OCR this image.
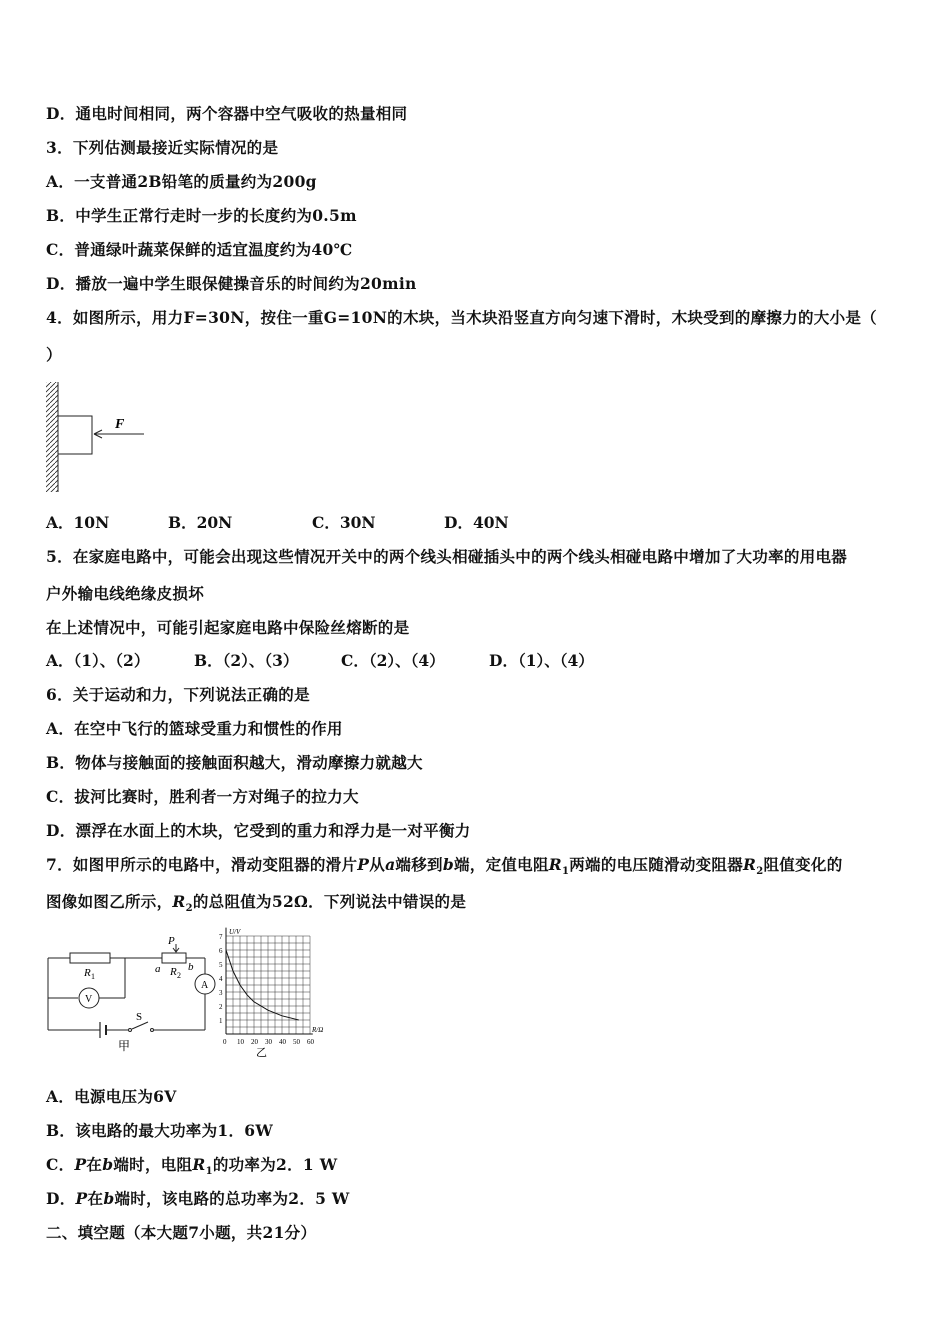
D．通电时间相同，两个容器中空气吸收的热量相同
3．下列估测最接近实际情况的是
A．一支普通2B铅笔的质量约为200g
B．中学生正常行走时一步的长度约为0.5m
C．普通绿叶蔬菜保鲜的适宜温度约为40℃
D．播放一遍中学生眼保健操音乐的时间约为20min
4．如图所示，用力F=30N，按住一重G=10N的木块，当木块沿竖直方向匀速下滑时，木块受到的摩擦力的大小是（
）
F
A．10N	B．20N	C．30N	D．40N
5．在家庭电路中，可能会出现这些情况开关中的两个线头相碰插头中的两个线头相碰电路中增加了大功率的用电器
户外输电线绝缘皮损坏
在上述情况中，可能引起家庭电路中保险丝熔断的是
A．（1）、（2）	B．（2）、（3）	C．（2）、（4）	D．（1）、（4）
6．关于运动和力，下列说法正确的是
A．在空中飞行的篮球受重力和惯性的作用
B．物体与接触面的接触面积越大，滑动摩擦力就越大
C．拔河比赛时，胜利者一方对绳子的拉力大
D．漂浮在水面上的木块，它受到的重力和浮力是一对平衡力
7．如图甲所示的电路中，滑动变阻器的滑片P从a端移到b端，定值电阻$R_1$两端的电压随滑动变阻器$R_2$阻值变化的
图像如图乙所示，$R_2$的总阻值为52Ω．下列说法中错误的是
R 1
P
a R 2
b
V
A
S
甲
1
2
3
4
5
6
7
0 10 20 30 40 50 60
U/V
R/Ω
乙
A．电源电压为6V
B．该电路的最大功率为1．6W
C．P在b端时，电阻$R_1$的功率为2．1 W
D．P在b端时，该电路的总功率为2．5 W
二、填空题（本大题7小题，共21分）
